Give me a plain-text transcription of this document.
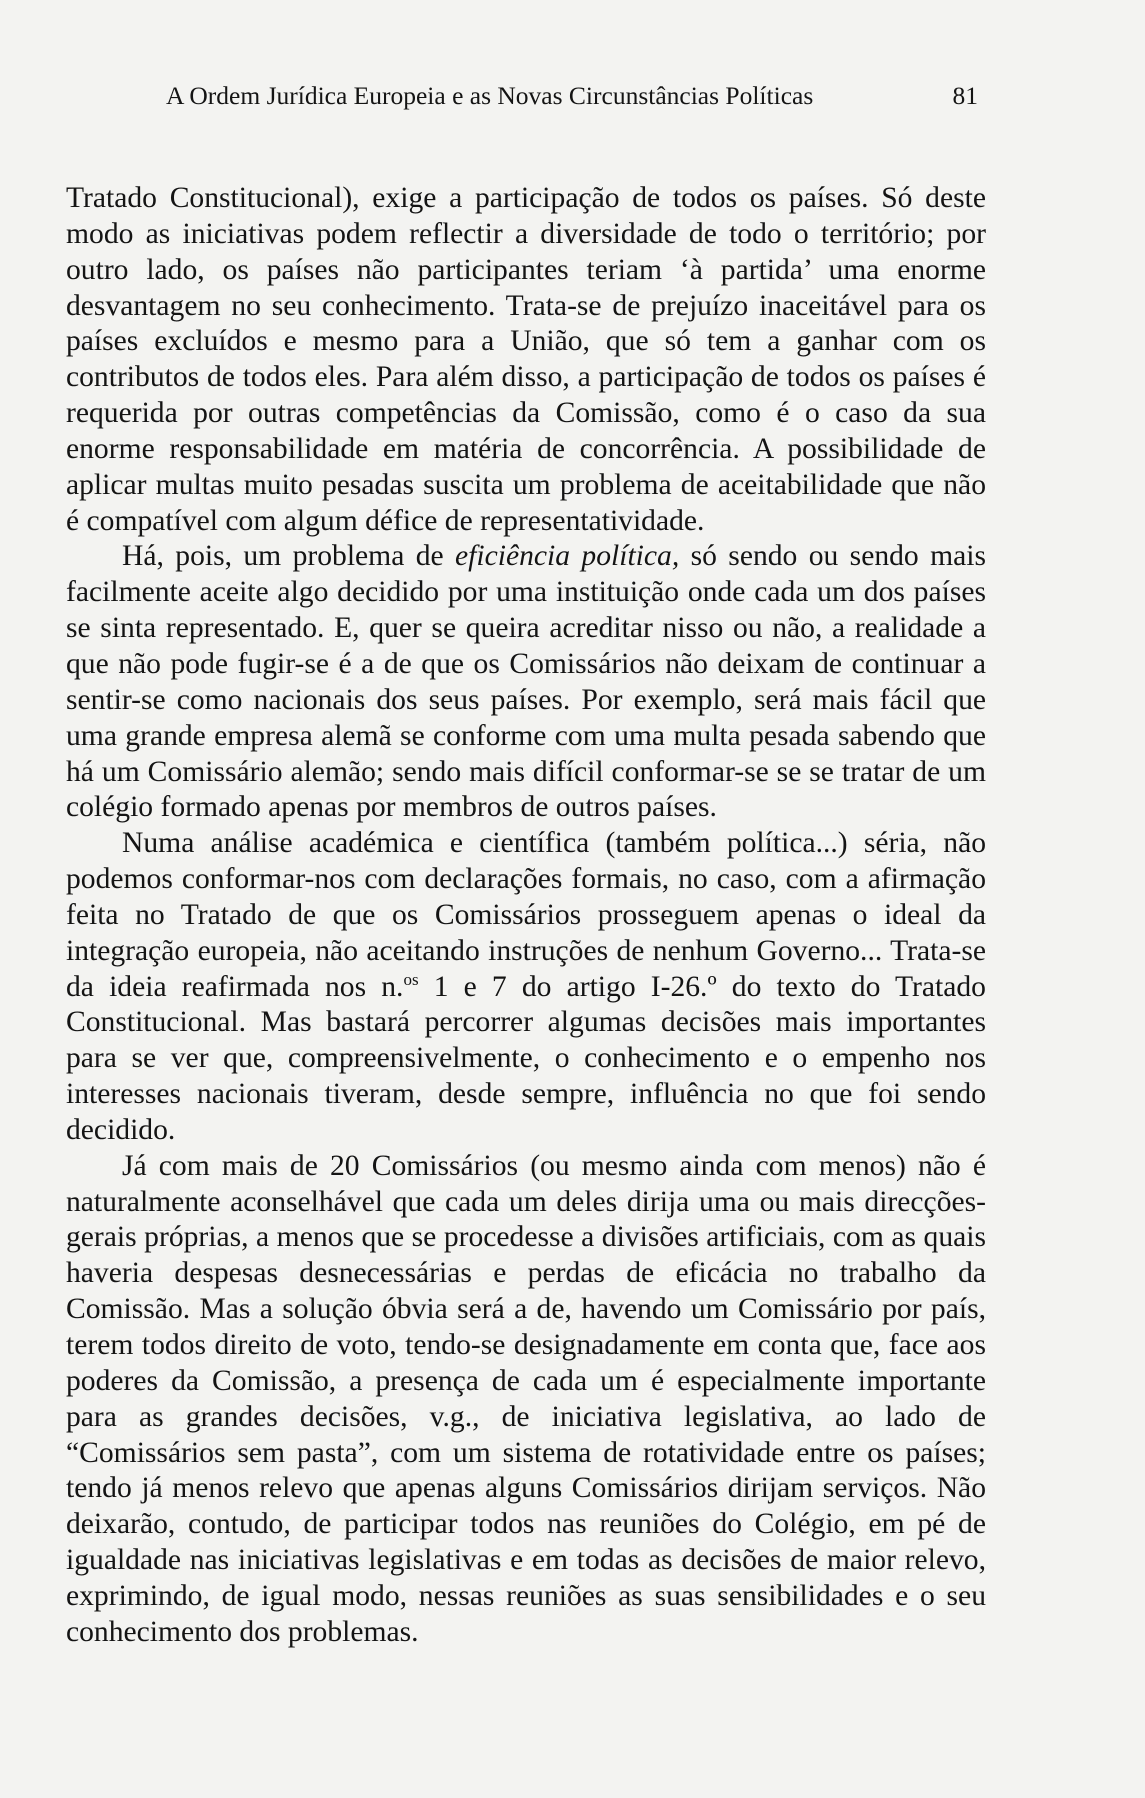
A Ordem Jurídica Europeia e as Novas Circunstâncias Políticas	81

Tratado Constitucional), exige a participação de todos os países. Só deste modo as iniciativas podem reflectir a diversidade de todo o território; por outro lado, os países não participantes teriam ‘à partida’ uma enorme desvantagem no seu conhecimento. Trata-se de prejuízo inaceitável para os países excluídos e mesmo para a União, que só tem a ganhar com os contributos de todos eles. Para além disso, a participação de todos os países é requerida por outras competências da Comissão, como é o caso da sua enorme responsabilidade em matéria de concorrência. A possibilidade de aplicar multas muito pesadas suscita um problema de aceitabilidade que não é compatível com algum défice de representatividade.

Há, pois, um problema de eficiência política, só sendo ou sendo mais facilmente aceite algo decidido por uma instituição onde cada um dos países se sinta representado. E, quer se queira acreditar nisso ou não, a realidade a que não pode fugir-se é a de que os Comissários não deixam de continuar a sentir-se como nacionais dos seus países. Por exemplo, será mais fácil que uma grande empresa alemã se conforme com uma multa pesada sabendo que há um Comissário alemão; sendo mais difícil conformar-se se se tratar de um colégio formado apenas por membros de outros países.

Numa análise académica e científica (também política...) séria, não podemos conformar-nos com declarações formais, no caso, com a afirmação feita no Tratado de que os Comissários prosseguem apenas o ideal da integração europeia, não aceitando instruções de nenhum Governo... Trata-se da ideia reafirmada nos n.$^{os}$ 1 e 7 do artigo I-26.º do texto do Tratado Constitucional. Mas bastará percorrer algumas decisões mais importantes para se ver que, compreensivelmente, o conhecimento e o empenho nos interesses nacionais tiveram, desde sempre, influência no que foi sendo decidido.

Já com mais de 20 Comissários (ou mesmo ainda com menos) não é naturalmente aconselhável que cada um deles dirija uma ou mais direcções-gerais próprias, a menos que se procedesse a divisões artificiais, com as quais haveria despesas desnecessárias e perdas de eficácia no trabalho da Comissão. Mas a solução óbvia será a de, havendo um Comissário por país, terem todos direito de voto, tendo-se designadamente em conta que, face aos poderes da Comissão, a presença de cada um é especialmente importante para as grandes decisões, v.g., de iniciativa legislativa, ao lado de “Comissários sem pasta”, com um sistema de rotatividade entre os países; tendo já menos relevo que apenas alguns Comissários dirijam serviços. Não deixarão, contudo, de participar todos nas reuniões do Colégio, em pé de igualdade nas iniciativas legislativas e em todas as decisões de maior relevo, exprimindo, de igual modo, nessas reuniões as suas sensibilidades e o seu conhecimento dos problemas.
